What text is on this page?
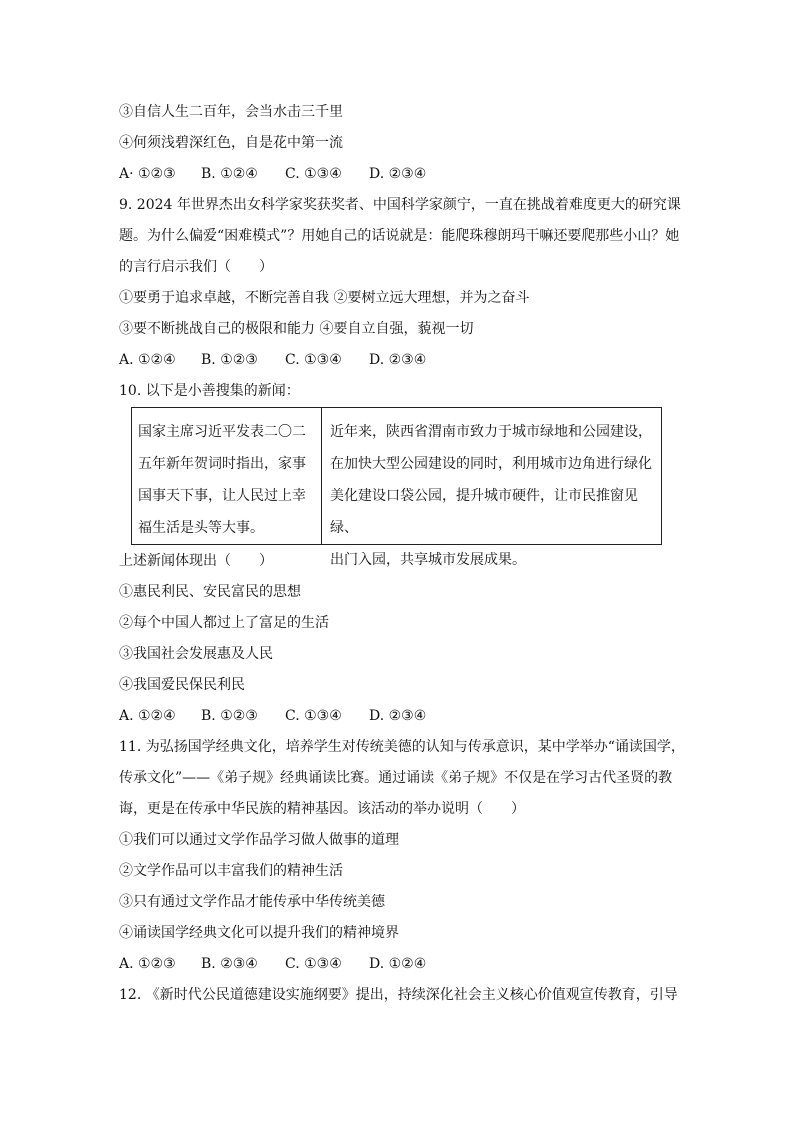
③自信人生二百年，会当水击三千里
④何须浅碧深红色，自是花中第一流
A· ①②③ B. ①②④ C. ①③④ D. ②③④
9. 2024 年世界杰出女科学家奖获奖者、中国科学家颜宁，一直在挑战着难度更大的研究课
题。为什么偏爱“困难模式”？用她自己的话说就是：能爬珠穆朗玛干嘛还要爬那些小山？她
的言行启示我们（　　）
①要勇于追求卓越，不断完善自我 ②要树立远大理想，并为之奋斗
③要不断挑战自己的极限和能力 ④要自立自强，藐视一切
A. ①②④ B. ①②③ C. ①③④ D. ②③④
10. 以下是小善搜集的新闻：
国家主席习近平发表二〇二
五年新年贺词时指出，家事
国事天下事，让人民过上幸
福生活是头等大事。
近年来，陕西省渭南市致力于城市绿地和公园建设，
在加快大型公园建设的同时，利用城市边角进行绿化
美化建设口袋公园，提升城市硬件，让市民推窗见绿、
出门入园，共享城市发展成果。
上述新闻体现出（　　）
①惠民利民、安民富民的思想
②每个中国人都过上了富足的生活
③我国社会发展惠及人民
④我国爱民保民利民
A. ①②④ B. ①②③ C. ①③④ D. ②③④
11. 为弘扬国学经典文化，培养学生对传统美德的认知与传承意识，某中学举办“诵读国学，
传承文化”——《弟子规》经典诵读比赛。通过诵读《弟子规》不仅是在学习古代圣贤的教
诲，更是在传承中华民族的精神基因。该活动的举办说明（　　）
①我们可以通过文学作品学习做人做事的道理
②文学作品可以丰富我们的精神生活
③只有通过文学作品才能传承中华传统美德
④诵读国学经典文化可以提升我们的精神境界
A. ①②③ B. ②③④ C. ①③④ D. ①②④
12. 《新时代公民道德建设实施纲要》提出，持续深化社会主义核心价值观宣传教育，引导
